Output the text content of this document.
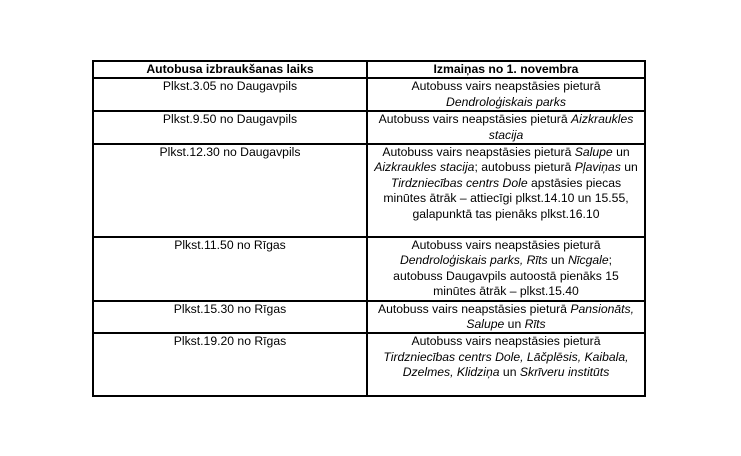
Autobusa izbraukšanas laiks	Izmaiņas no 1. novembra
Plkst.3.05 no Daugavpils	Autobuss vairs neapstāsies pieturā Dendroloģiskais parks
Plkst.9.50 no Daugavpils	Autobuss vairs neapstāsies pieturā Aizkraukles stacija
Plkst.12.30 no Daugavpils	Autobuss vairs neapstāsies pieturā Salupe un Aizkraukles stacija; autobuss pieturā Pļaviņas un Tirdzniecības centrs Dole apstāsies piecas minūtes ātrāk – attiecīgi plkst.14.10 un 15.55, galapunktā tas pienāks plkst.16.10
Plkst.11.50 no Rīgas	Autobuss vairs neapstāsies pieturā Dendroloģiskais parks, Rīts un Nīcgale; autobuss Daugavpils autoostā pienāks 15 minūtes ātrāk – plkst.15.40
Plkst.15.30 no Rīgas	Autobuss vairs neapstāsies pieturā Pansionāts, Salupe un Rīts
Plkst.19.20 no Rīgas	Autobuss vairs neapstāsies pieturā Tirdzniecības centrs Dole, Lāčplēsis, Kaibala, Dzelmes, Klidziņa un Skrīveru institūts
